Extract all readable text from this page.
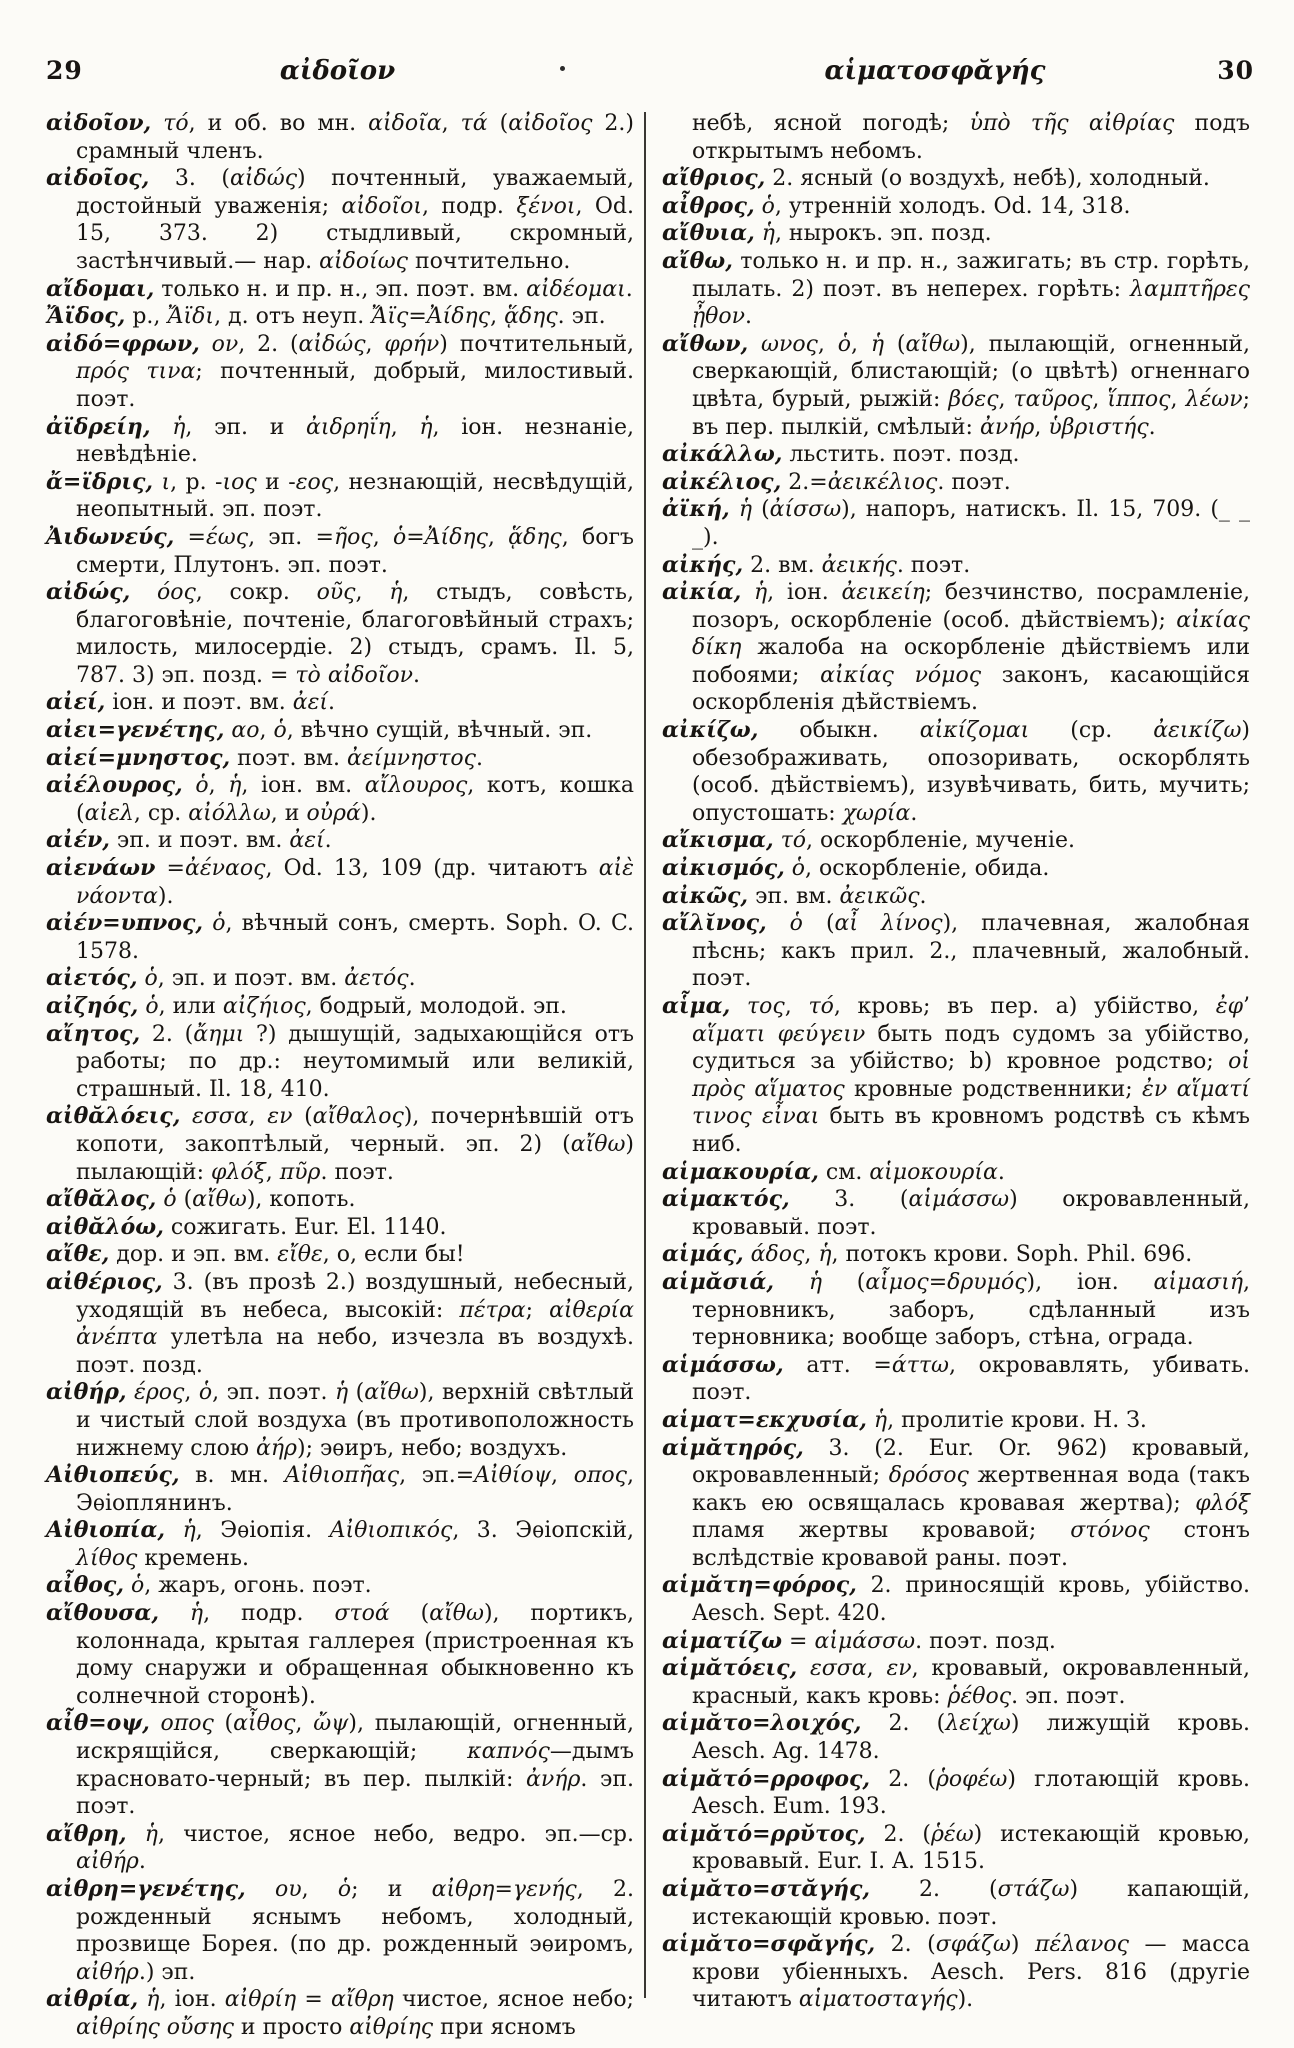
29	αἰδοῖον	αἱματοσφᾰγής	30

αἰδοῖον, τό, и об. во мн. αἰδοῖα, τά (αἰδοῖος 2.) срамный членъ.

αἰδοῖος, 3. (αἰδώς) почтенный, уважаемый, достойный уваженія; αἰδοῖοι, подр. ξένοι, Od. 15, 373. 2) стыдливый, скромный, застѣнчивый.— нар. αἰδοίως почтительно.

αἴδομαι, только н. и пр. н., эп. поэт. вм. αἰδέομαι.

Ἄϊδος, р., Ἄϊδι, д. отъ неуп. Ἄϊς=Ἀίδης, ᾅδης. эп.

αἰδό=φρων, ον, 2. (αἰδώς, φρήν) почтительный, πρός τινα; почтенный, добрый, милостивый. поэт.

ἀϊδρείη, ἡ, эп. и ἀιδρηΐη, ἡ, іон. незнаніе, невѣдѣніе.

ἄ=ϊδρις, ι, р. -ιος и -εος, незнающій, несвѣдущій, неопытный. эп. поэт.

Ἀιδωνεύς, =έως, эп. =ῆος, ὁ=Ἀίδης, ᾅδης, богъ смерти, Плутонъ. эп. поэт.

αἰδώς, όος, сокр. οῦς, ἡ, стыдъ, совѣсть, благоговѣніе, почтеніе, благоговѣйный страхъ; милость, милосердіе. 2) стыдъ, срамъ. Il. 5, 787. 3) эп. позд. = τὸ αἰδοῖον.

αἰεί, іон. и поэт. вм. ἀεί.

αἰει=γενέτης, αο, ὁ, вѣчно сущій, вѣчный. эп.

αἰεί=μνηστος, поэт. вм. ἀείμνηστος.

αἰέλουρος, ὁ, ἡ, іон. вм. αἴλουρος, котъ, кошка (αἰελ, ср. αἰόλλω, и οὐρά).

αἰέν, эп. и поэт. вм. ἀεί.

αἰενάων =ἀέναος, Od. 13, 109 (др. читаютъ αἰὲ νάοντα).

αἰέν=υπνος, ὁ, вѣчный сонъ, смерть. Soph. O. C. 1578.

αἰετός, ὁ, эп. и поэт. вм. ἀετός.

αἰζηός, ὁ, или αἰζήιος, бодрый, молодой. эп.

αἴητος, 2. (ἄημι ?) дышущій, задыхающійся отъ работы; по др.: неутомимый или великій, страшный. Il. 18, 410.

αἰθᾰλόεις, εσσα, εν (αἴθαλος), почернѣвшій отъ копоти, закоптѣлый, черный. эп. 2) (αἴθω) пылающій: φλόξ, πῦρ. поэт.

αἴθᾰλος, ὁ (αἴθω), копоть.

αἰθᾰλόω, сожигать. Eur. El. 1140.

αἴθε, дор. и эп. вм. εἴθε, о, если бы!

αἰθέριος, 3. (въ прозѣ 2.) воздушный, небесный, уходящій въ небеса, высокій: πέτρα; αἰθερία ἀνέπτα улетѣла на небо, изчезла въ воздухѣ. поэт. позд.

αἰθήρ, έρος, ὁ, эп. поэт. ἡ (αἴθω), верхній свѣтлый и чистый слой воздуха (въ противоположность нижнему слою ἀήρ); эѳиръ, небо; воздухъ.

Αἰθιοπεύς, в. мн. Αἰθιοπῆας, эп.=Αἰθίοψ, οπος, Эѳіоплянинъ.

Αἰθιοπία, ἡ, Эѳіопія. Αἰθιοπικός, 3. Эѳіопскій, λίθος кремень.

αἶθος, ὁ, жаръ, огонь. поэт.

αἴθουσα, ἡ, подр. στοά (αἴθω), портикъ, колоннада, крытая галлерея (пристроенная къ дому снаружи и обращенная обыкновенно къ солнечной сторонѣ).

αἶθ=οψ, οπος (αἶθος, ὤψ), пылающій, огненный, искрящійся, сверкающій; καπνός—дымъ красновато-черный; въ пер. пылкій: ἀνήρ. эп. поэт.

αἴθρη, ἡ, чистое, ясное небо, ведро. эп.—ср. αἰθήρ.

αἰθρη=γενέτης, ου, ὁ; и αἰθρη=γενής, 2. рожденный яснымъ небомъ, холодный, прозвище Борея. (по др. рожденный эѳиромъ, αἰθήρ.) эп.

αἰθρία, ἡ, іон. αἰθρίη = αἴθρη чистое, ясное небо; αἰθρίης οὔσης и просто αἰθρίης при ясномъ

небѣ, ясной погодѣ; ὑπὸ τῆς αἰθρίας подъ открытымъ небомъ.

αἴθριος, 2. ясный (о воздухѣ, небѣ), холодный.

αἶθρος, ὁ, утренній холодъ. Od. 14, 318.

αἴθυια, ἡ, нырокъ. эп. позд.

αἴθω, только н. и пр. н., зажигать; въ стр. горѣть, пылать. 2) поэт. въ неперех. горѣть: λαμπτῆρες ᾖθον.

αἴθων, ωνος, ὁ, ἡ (αἴθω), пылающій, огненный, сверкающій, блистающій; (о цвѣтѣ) огненнаго цвѣта, бурый, рыжій: βόες, ταῦρος, ἵππος, λέων; въ пер. пылкій, смѣлый: ἀνήρ, ὑβριστής.

αἰκάλλω, льстить. поэт. позд.

αἰκέλιος, 2.=ἀεικέλιος. поэт.

ἀϊκή, ἡ (ἀίσσω), напоръ, натискъ. Il. 15, 709. (_ _ _).

αἰκής, 2. вм. ἀεικής. поэт.

αἰκία, ἡ, іон. ἀεικείη; безчинство, посрамленіе, позоръ, оскорбленіе (особ. дѣйствіемъ); αἰκίας δίκη жалоба на оскорбленіе дѣйствіемъ или побоями; αἰκίας νόμος законъ, касающійся оскорбленія дѣйствіемъ.

αἰκίζω, обыкн. αἰκίζομαι (ср. ἀεικίζω) обезображивать, опозоривать, оскорблять (особ. дѣйствіемъ), изувѣчивать, бить, мучить; опустошать: χωρία.

αἴκισμα, τό, оскорбленіе, мученіе.

αἰκισμός, ὁ, оскорбленіе, обида.

αἰκῶς, эп. вм. ἀεικῶς.

αἴλῐνος, ὁ (αἶ λίνος), плачевная, жалобная пѣснь; какъ прил. 2., плачевный, жалобный. поэт.

αἷμα, τος, τό, кровь; въ пер. a) убійство, ἐφ’ αἵματι φεύγειν быть подъ судомъ за убійство, судиться за убійство; b) кровное родство; οἱ πρὸς αἵματος кровные родственники; ἐν αἵματί τινος εἶναι быть въ кровномъ родствѣ съ кѣмъ ниб.

αἱμακουρία, см. αἱμοκουρία.

αἱμακτός, 3. (αἱμάσσω) окровавленный, кровавый. поэт.

αἱμάς, άδος, ἡ, потокъ крови. Soph. Phil. 696.

αἱμᾰσιά, ἡ (αἷμος=δρυμός), іон. αἱμασιή, терновникъ, заборъ, сдѣланный изъ терновника; вообще заборъ, стѣна, ограда.

αἱμάσσω, атт. =άττω, окровавлять, убивать. поэт.

αἱματ=εκχυσία, ἡ, пролитіе крови. Н. З.

αἱμᾰτηρός, 3. (2. Eur. Or. 962) кровавый, окровавленный; δρόσος жертвенная вода (такъ какъ ею освящалась кровавая жертва); φλόξ пламя жертвы кровавой; στόνος стонъ вслѣдствіе кровавой раны. поэт.

αἱμᾰτη=φόρος, 2. приносящій кровь, убійство. Aesch. Sept. 420.

αἱματίζω = αἱμάσσω. поэт. позд.

αἱμᾰτόεις, εσσα, εν, кровавый, окровавленный, красный, какъ кровь: ῥέθος. эп. поэт.

αἱμᾰτο=λοιχός, 2. (λείχω) лижущій кровь. Aesch. Ag. 1478.

αἱμᾰτό=ρροφος, 2. (ῥοφέω) глотающій кровь. Aesch. Eum. 193.

αἱμᾰτό=ρρῠτος, 2. (ῥέω) истекающій кровью, кровавый. Eur. I. A. 1515.

αἱμᾰτο=στᾰγής, 2. (στάζω) капающій, истекающій кровью. поэт.

αἱμᾰτο=σφᾰγής, 2. (σφάζω) πέλανος — масса крови убіенныхъ. Aesch. Pers. 816 (другіе читаютъ αἱματοσταγής).
